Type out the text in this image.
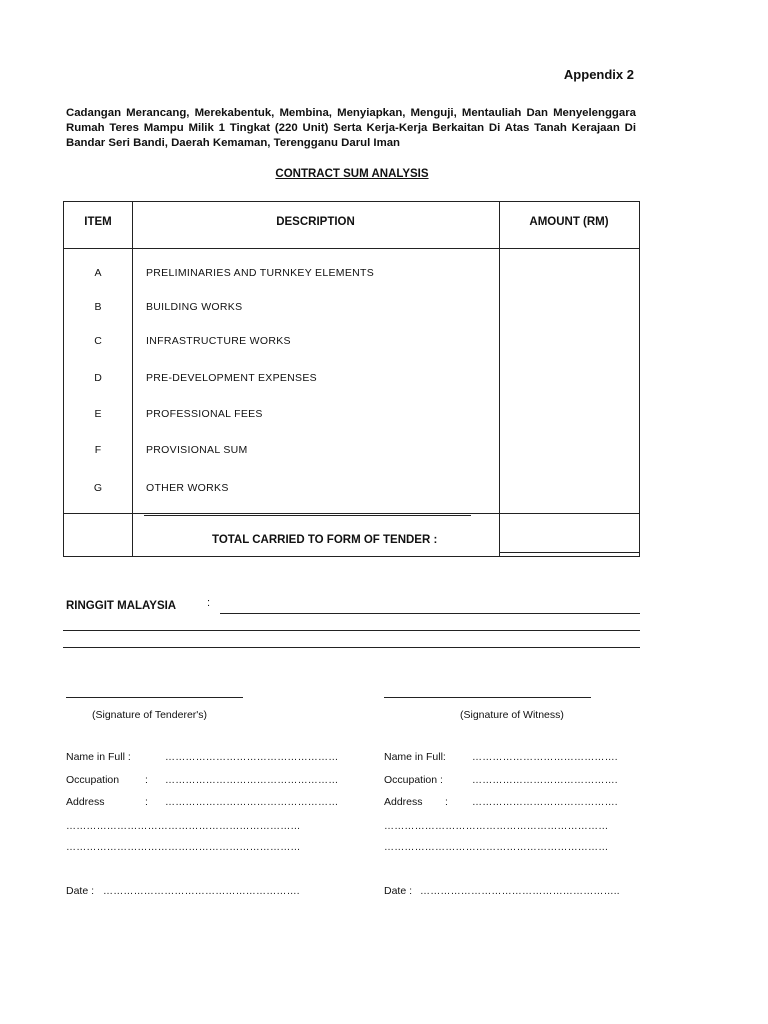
Appendix 2
Cadangan Merancang, Merekabentuk, Membina, Menyiapkan, Menguji, Mentauliah Dan Menyelenggara Rumah Teres Mampu Milik 1 Tingkat (220 Unit) Serta Kerja-Kerja Berkaitan Di Atas Tanah Kerajaan Di Bandar Seri Bandi, Daerah Kemaman, Terengganu Darul Iman
CONTRACT SUM ANALYSIS
ITEM	DESCRIPTION	AMOUNT (RM)
A	PRELIMINARIES AND TURNKEY ELEMENTS
B	BUILDING WORKS
C	INFRASTRUCTURE WORKS
D	PRE-DEVELOPMENT EXPENSES
E	PROFESSIONAL FEES
F	PROVISIONAL SUM
G	OTHER WORKS
TOTAL CARRIED TO FORM OF TENDER :
RINGGIT MALAYSIA	:
(Signature of Tenderer's)
Name in Full :	……………………………………………
Occupation : ……………………………………………
Address	: ……………………………………………
……………………………………………………………
……………………………………………………………
Date : ………………………………………………….
(Signature of Witness)
Name in Full:	…………………………………….
Occupation :	…………………………………….
Address : …………………………………….
…………………………………………………………
…………………………………………………………
Date : …………………………………………………..
